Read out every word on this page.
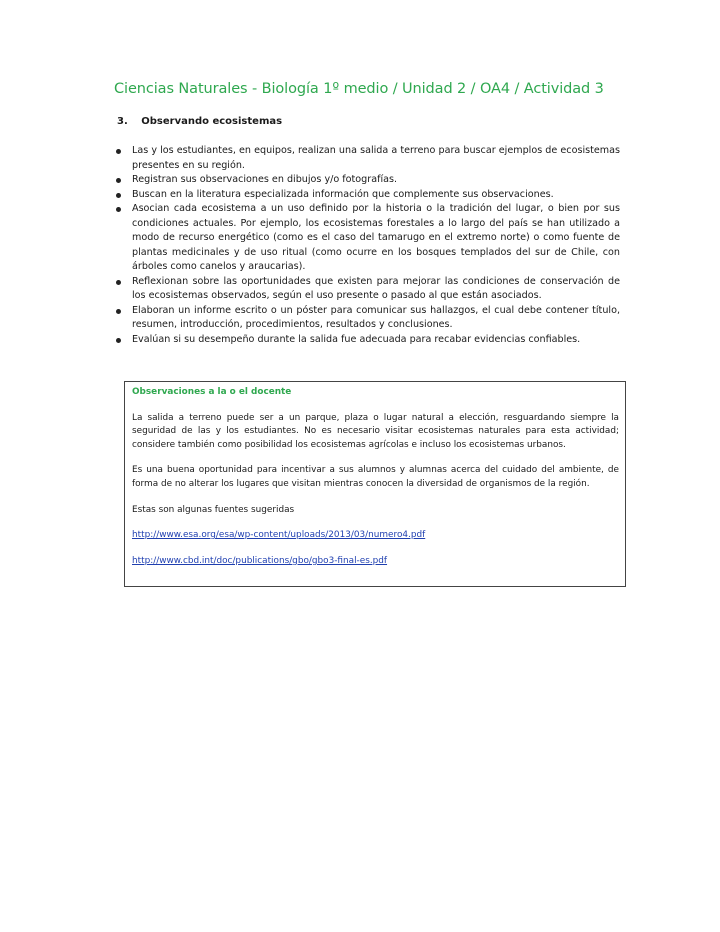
Ciencias Naturales - Biología 1º medio / Unidad 2 / OA4 / Actividad 3
3. Observando ecosistemas
Las y los estudiantes, en equipos, realizan una salida a terreno para buscar ejemplos de ecosistemas presentes en su región.
Registran sus observaciones en dibujos y/o fotografías.
Buscan en la literatura especializada información que complemente sus observaciones.
Asocian cada ecosistema a un uso definido por la historia o la tradición del lugar, o bien por sus condiciones actuales. Por ejemplo, los ecosistemas forestales a lo largo del país se han utilizado a modo de recurso energético (como es el caso del tamarugo en el extremo norte) o como fuente de plantas medicinales y de uso ritual (como ocurre en los bosques templados del sur de Chile, con árboles como canelos y araucarias).
Reflexionan sobre las oportunidades que existen para mejorar las condiciones de conservación de los ecosistemas observados, según el uso presente o pasado al que están asociados.
Elaboran un informe escrito o un póster para comunicar sus hallazgos, el cual debe contener título, resumen, introducción, procedimientos, resultados y conclusiones.
Evalúan si su desempeño durante la salida fue adecuada para recabar evidencias confiables.
Observaciones a la o el docente

La salida a terreno puede ser a un parque, plaza o lugar natural a elección, resguardando siempre la seguridad de las y los estudiantes. No es necesario visitar ecosistemas naturales para esta actividad; considere también como posibilidad los ecosistemas agrícolas e incluso los ecosistemas urbanos.

Es una buena oportunidad para incentivar a sus alumnos y alumnas acerca del cuidado del ambiente, de forma de no alterar los lugares que visitan mientras conocen la diversidad de organismos de la región.

Estas son algunas fuentes sugeridas

http://www.esa.org/esa/wp-content/uploads/2013/03/numero4.pdf

http://www.cbd.int/doc/publications/gbo/gbo3-final-es.pdf
